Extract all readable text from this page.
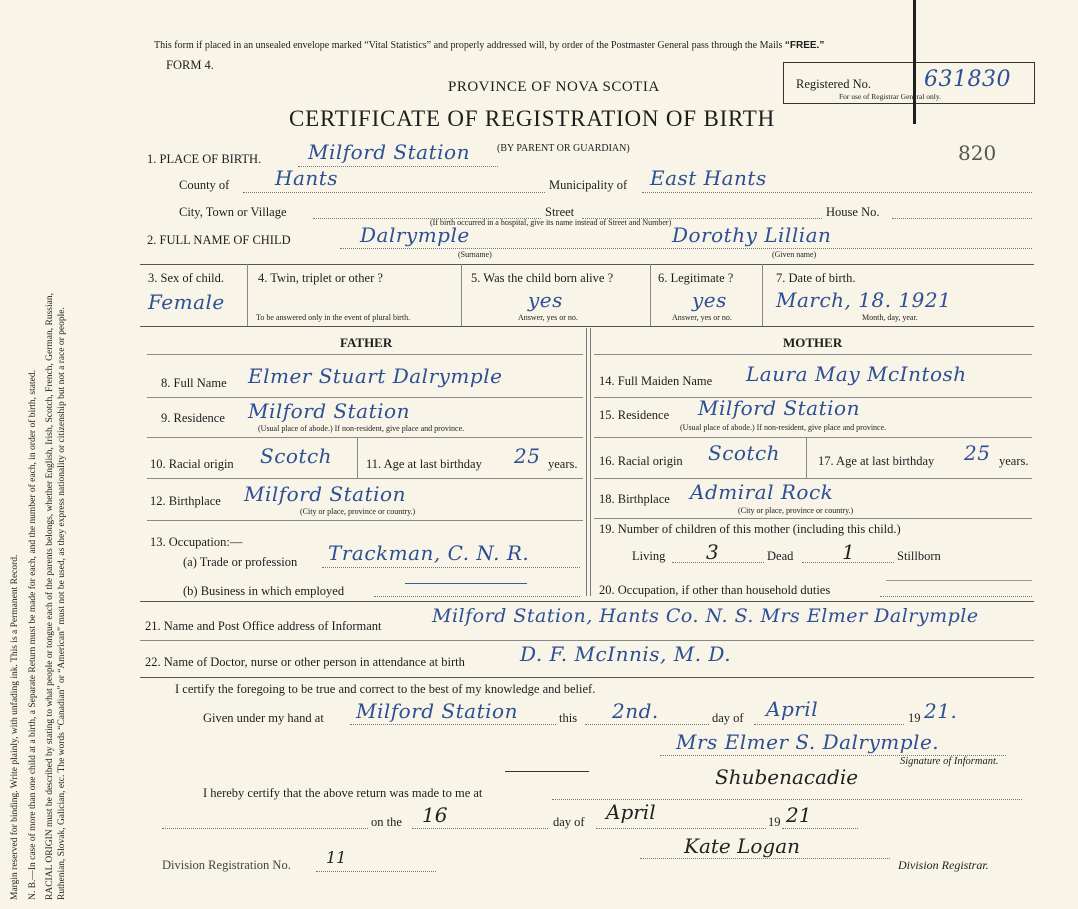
Margin reserved for binding. Write plainly, with unfading ink. This is a Permanent Record. N. B.—In case of more than one child at a birth, a Separate Return must be made for each, and the number of each, in order of birth, stated. RACIAL ORIGIN must be described by stating to what people or tongue each of the parents belongs, whether English, Irish, Scotch, French, German, Russian, Ruthenian, Slovak, Galician, etc. The words “Canadian” or “American” must not be used, as they express nationality or citizenship but not a race or people.
This form if placed in an unsealed envelope marked “Vital Statistics” and properly addressed will, by order of the Postmaster General pass through the Mails “FREE.”
FORM 4.
PROVINCE OF NOVA SCOTIA
CERTIFICATE OF REGISTRATION OF BIRTH
Registered No. 631830
For use of Registrar General only.
820
1. PLACE OF BIRTH. Milford Station	(BY PARENT OR GUARDIAN)
County of Hants	Municipality of East Hants
City, Town or Village	Street	House No.
(If birth occurred in a hospital, give its name instead of Street and Number)
2. FULL NAME OF CHILD	Dalrymple	Dorothy Lillian
(Surname)	(Given name)
3. Sex of child.
Female
4. Twin, triplet or other ?
To be answered only in the event of plural birth.
5. Was the child born alive ?
yes
Answer, yes or no.
6. Legitimate ?
yes
Answer, yes or no.
7. Date of birth.
March, 18. 1921
Month, day, year.
FATHER	MOTHER
8. Full Name Elmer Stuart Dalrymple
9. Residence Milford Station
(Usual place of abode.) If non-resident, give place and province.
10. Racial origin Scotch	11. Age at last birthday 25 years.
12. Birthplace Milford Station
(City or place, province or country.)
13. Occupation:—
(a) Trade or profession Trackman, C. N. R.
(b) Business in which employed
14. Full Maiden Name Laura May McIntosh
15. Residence Milford Station
(Usual place of abode.) If non-resident, give place and province.
16. Racial origin Scotch	17. Age at last birthday 25 years.
18. Birthplace Admiral Rock
(City or place, province or country.)
19. Number of children of this mother (including this child.)
Living 3	Dead 1	Stillborn
20. Occupation, if other than household duties
21. Name and Post Office address of Informant	Milford Station, Hants Co. N. S. Mrs Elmer Dalrymple
22. Name of Doctor, nurse or other person in attendance at birth	D. F. McInnis, M. D.
I certify the foregoing to be true and correct to the best of my knowledge and belief.
Given under my hand at Milford Station	this 2nd.	day of April	19 21.
Mrs Elmer S. Dalrymple.
Signature of Informant.
I hereby certify that the above return was made to me at
Shubenacadie
on the 16	day of April	19 21
Kate Logan
Division Registration No. 11	Division Registrar.
